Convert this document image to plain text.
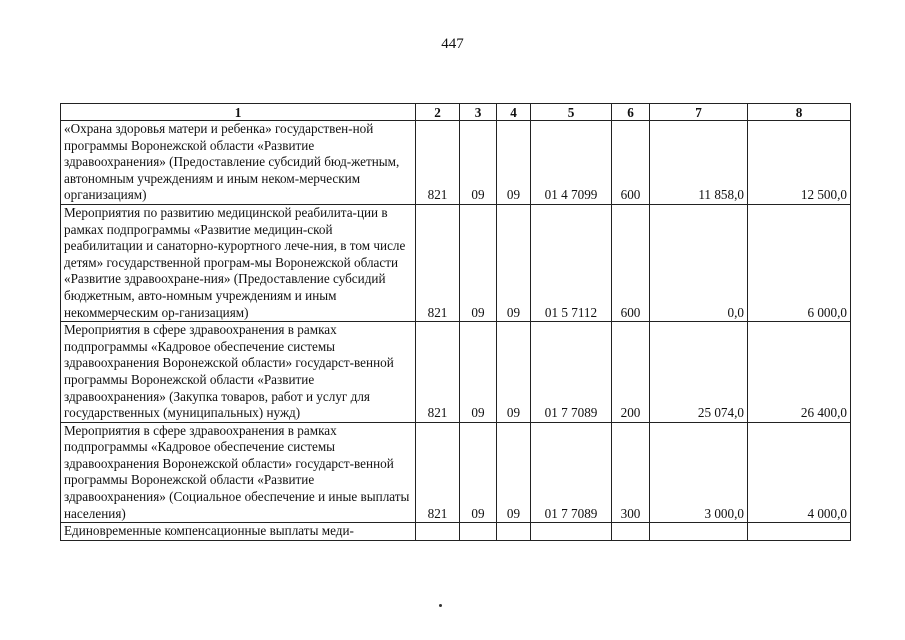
447
1	2	3	4	5	6	7	8
«Охрана здоровья матери и ребенка» государствен-ной программы Воронежской области «Развитие здравоохранения» (Предоставление субсидий бюд-жетным, автономным учреждениям и иным неком-мерческим организациям)	821	09	09	01 4 7099	600	11 858,0	12 500,0
Мероприятия по развитию медицинской реабилита-ции в рамках подпрограммы «Развитие медицин-ской реабилитации и санаторно-курортного лече-ния, в том числе детям» государственной програм-мы Воронежской области «Развитие здравоохране-ния» (Предоставление субсидий бюджетным, авто-номным учреждениям и иным некоммерческим ор-ганизациям)	821	09	09	01 5 7112	600	0,0	6 000,0
Мероприятия в сфере здравоохранения в рамках подпрограммы «Кадровое обеспечение системы здравоохранения Воронежской области» государст-венной программы Воронежской области «Развитие здравоохранения» (Закупка товаров, работ и услуг для государственных (муниципальных) нужд)	821	09	09	01 7 7089	200	25 074,0	26 400,0
Мероприятия в сфере здравоохранения в рамках подпрограммы «Кадровое обеспечение системы здравоохранения Воронежской области» государст-венной программы Воронежской области «Развитие здравоохранения» (Социальное обеспечение и иные выплаты населения)	821	09	09	01 7 7089	300	3 000,0	4 000,0
Единовременные компенсационные выплаты меди-							
